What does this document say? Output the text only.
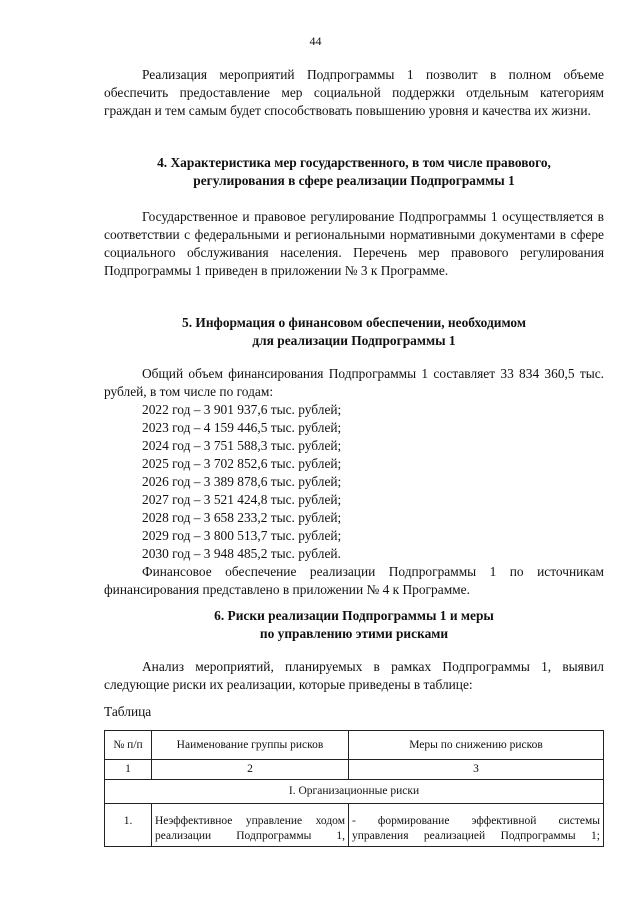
44

Реализация мероприятий Подпрограммы 1 позволит в полном объеме обеспечить предоставление мер социальной поддержки отдельным категориям граждан и тем самым будет способствовать повышению уровня и качества их жизни.

4. Характеристика мер государственного, в том числе правового,
регулирования в сфере реализации Подпрограммы 1

Государственное и правовое регулирование Подпрограммы 1 осуществляется в соответствии с федеральными и региональными нормативными документами в сфере социального обслуживания населения. Перечень мер правового регулирования Подпрограммы 1 приведен в приложении № 3 к Программе.

5. Информация о финансовом обеспечении, необходимом
для реализации Подпрограммы 1

Общий объем финансирования Подпрограммы 1 составляет 33 834 360,5 тыс. рублей, в том числе по годам:

2022 год – 3 901 937,6 тыс. рублей;
2023 год – 4 159 446,5 тыс. рублей;
2024 год – 3 751 588,3 тыс. рублей;
2025 год – 3 702 852,6 тыс. рублей;
2026 год – 3 389 878,6 тыс. рублей;
2027 год – 3 521 424,8 тыс. рублей;
2028 год – 3 658 233,2 тыс. рублей;
2029 год – 3 800 513,7 тыс. рублей;
2030 год – 3 948 485,2 тыс. рублей.

Финансовое обеспечение реализации Подпрограммы 1 по источникам финансирования представлено в приложении № 4 к Программе.

6. Риски реализации Подпрограммы 1 и меры
по управлению этими рисками

Анализ мероприятий, планируемых в рамках Подпрограммы 1, выявил следующие риски их реализации, которые приведены в таблице:

Таблица
№ п/п	Наименование группы рисков	Меры по снижению рисков
1	2	3
I. Организационные риски		
1.	Неэффективное управление ходом реализации Подпрограммы 1,	- формирование эффективной системы управления реализацией Подпрограммы 1;
